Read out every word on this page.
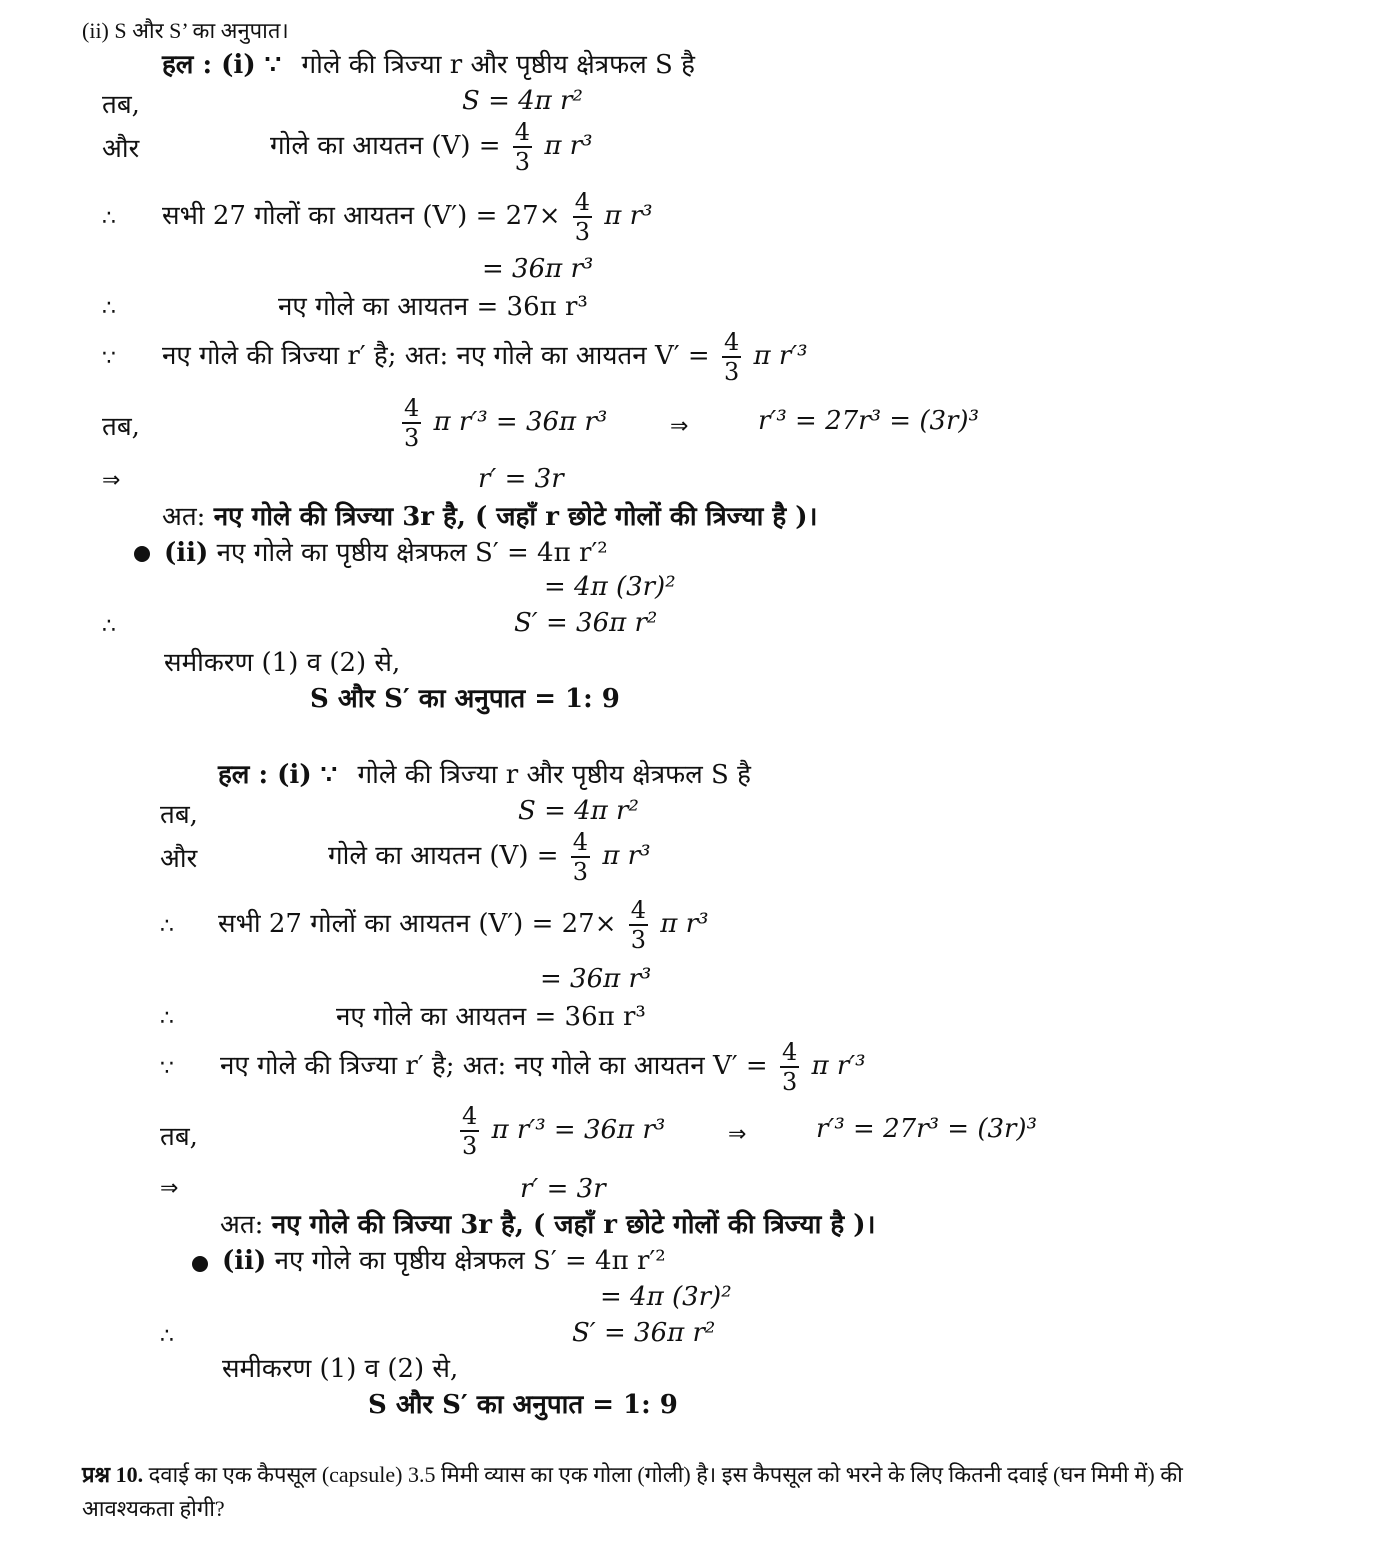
(ii) S और S’ का अनुपात।
हल : (i) ∵ गोले की त्रिज्या r और पृष्ठीय क्षेत्रफल S है
तब,	S = 4π r²
और	गोले का आयतन $(V) = \frac{4}{3}$ π r³
∴ सभी 27 गोलों का आयतन $(V') = 27\times \frac{4}{3}$ π r³
= 36π r³
∴	नए गोले का आयतन = 36π r³
∵ नए गोले की त्रिज्या r′ है; अत: नए गोले का आयतन $V' = \frac{4}{3}$ π r′³
तब,	$\frac{4}{3}$ π r′³ = 36π r³	⇒	r′³ = 27r³ = (3r)³
⇒	r′ = 3r
अत: नए गोले की त्रिज्या 3r है, ( जहाँ r छोटे गोलों की त्रिज्या है )।
(ii) नए गोले का पृष्ठीय क्षेत्रफल S′ = 4π r′²
= 4π (3r)²
∴	S′ = 36π r²
समीकरण (1) व (2) से,
S और S′ का अनुपात = 1: 9
हल : (i) ∵ गोले की त्रिज्या r और पृष्ठीय क्षेत्रफल S है
तब,	S = 4π r²
और	गोले का आयतन $(V) = \frac{4}{3}$ π r³
∴ सभी 27 गोलों का आयतन $(V') = 27\times \frac{4}{3}$ π r³
= 36π r³
∴	नए गोले का आयतन = 36π r³
∵ नए गोले की त्रिज्या r′ है; अत: नए गोले का आयतन $V' = \frac{4}{3}$ π r′³
तब,	$\frac{4}{3}$ π r′³ = 36π r³	⇒	r′³ = 27r³ = (3r)³
⇒	r′ = 3r
अत: नए गोले की त्रिज्या 3r है, ( जहाँ r छोटे गोलों की त्रिज्या है )।
(ii) नए गोले का पृष्ठीय क्षेत्रफल S′ = 4π r′²
= 4π (3r)²
∴	S′ = 36π r²
समीकरण (1) व (2) से,
S और S′ का अनुपात = 1: 9
प्रश्न 10. दवाई का एक कैपसूल (capsule) 3.5 मिमी व्यास का एक गोला (गोली) है। इस कैपसूल को भरने के लिए कितनी दवाई (घन मिमी में) की
आवश्यकता होगी?
